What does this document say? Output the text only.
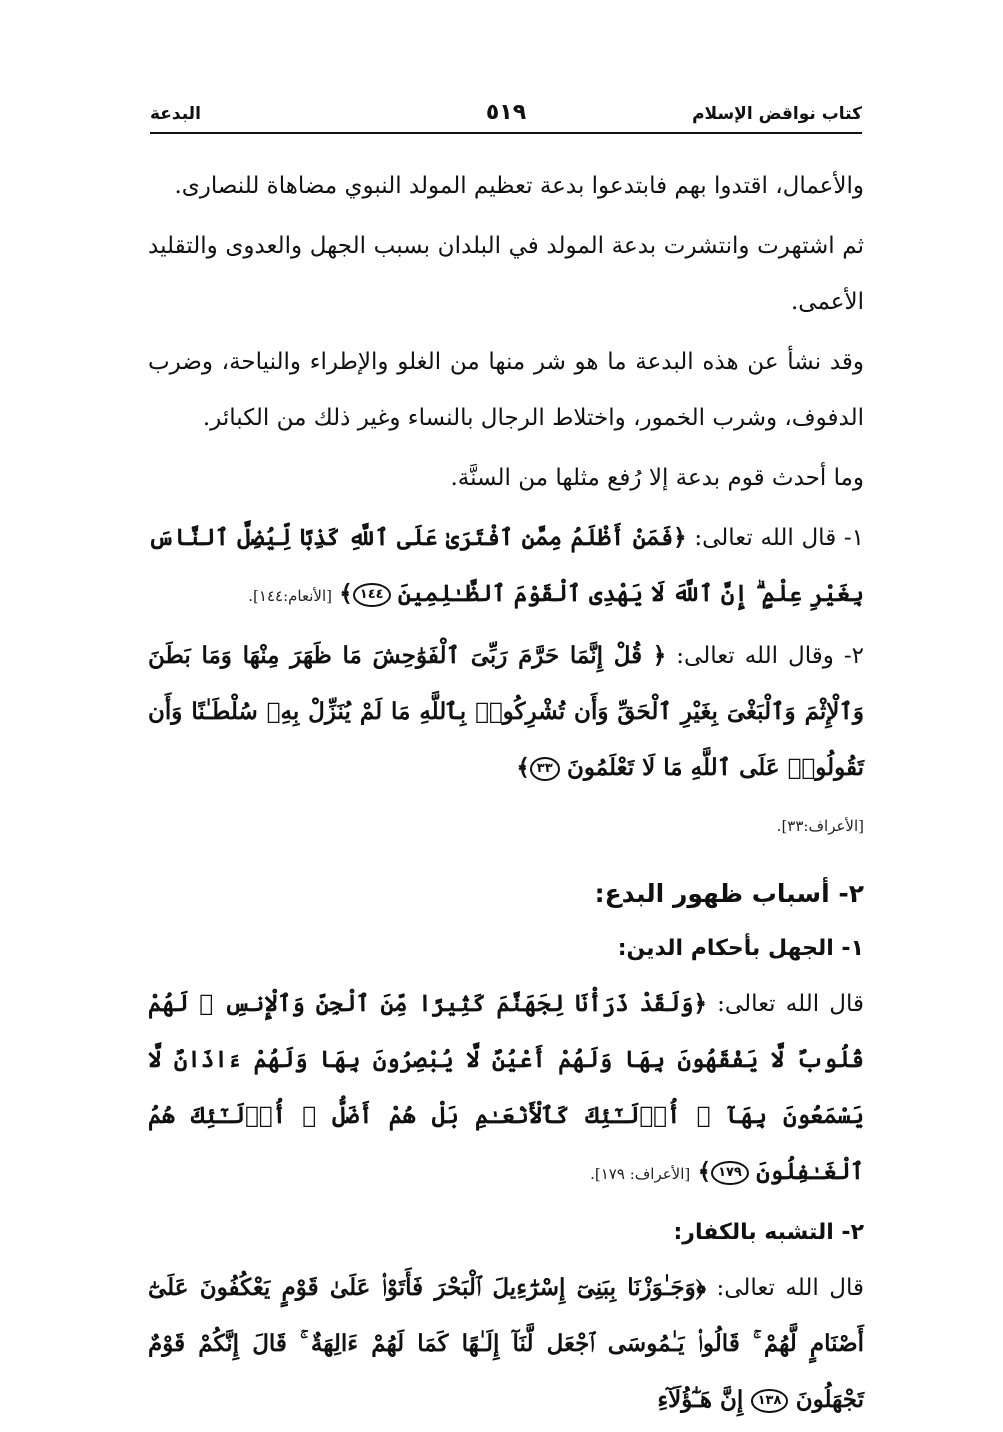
كتاب نواقض الإسلام
٥١٩
البدعة

والأعمال، اقتدوا بهم فابتدعوا بدعة تعظيم المولد النبوي مضاهاة للنصارى.

ثم اشتهرت وانتشرت بدعة المولد في البلدان بسبب الجهل والعدوى والتقليد الأعمى.

وقد نشأ عن هذه البدعة ما هو شر منها من الغلو والإطراء والنياحة، وضرب الدفوف، وشرب الخمور، واختلاط الرجال بالنساء وغير ذلك من الكبائر.

وما أحدث قوم بدعة إلا رُفع مثلها من السنَّة.

١- قال الله تعالى: ﴿فَمَنْ أَظْلَمُ مِمَّنِ ٱفْتَرَىٰ عَلَى ٱللَّهِ كَذِبًا لِّيُضِلَّ ٱلنَّاسَ بِغَيْرِ عِلْمٍ ۗ إِنَّ ٱللَّهَ لَا يَهْدِى ٱلْقَوْمَ ٱلظَّـٰلِمِينَ ١٤٤﴾ [الأنعام:١٤٤].

٢- وقال الله تعالى: ﴿ قُلْ إِنَّمَا حَرَّمَ رَبِّىَ ٱلْفَوَٰحِشَ مَا ظَهَرَ مِنْهَا وَمَا بَطَنَ وَٱلْإِثْمَ وَٱلْبَغْىَ بِغَيْرِ ٱلْحَقِّ وَأَن تُشْرِكُوا۟ بِٱللَّهِ مَا لَمْ يُنَزِّلْ بِهِۦ سُلْطَـٰنًا وَأَن تَقُولُوا۟ عَلَى ٱللَّهِ مَا لَا تَعْلَمُونَ ٣٣﴾

[الأعراف:٣٣].

٢- أسباب ظهور البدع:
١- الجهل بأحكام الدين:

قال الله تعالى: ﴿وَلَقَدْ ذَرَأْنَا لِجَهَنَّمَ كَثِيرًا مِّنَ ٱلْجِنِّ وَٱلْإِنسِ ۖ لَهُمْ قُلُوبٌ لَّا يَفْقَهُونَ بِهَا وَلَهُمْ أَعْيُنٌ لَّا يُبْصِرُونَ بِهَا وَلَهُمْ ءَاذَانٌ لَّا يَسْمَعُونَ بِهَآ ۚ أُو۟لَـٰٓئِكَ كَٱلْأَنْعَـٰمِ بَلْ هُمْ أَضَلُّ ۚ أُو۟لَـٰٓئِكَ هُمُ ٱلْغَـٰفِلُونَ ١٧٩﴾ [الأعراف: ١٧٩].

٢- التشبه بالكفار:

قال الله تعالى: ﴿وَجَـٰوَزْنَا بِبَنِىٓ إِسْرَٰٓءِيلَ ٱلْبَحْرَ فَأَتَوْا۟ عَلَىٰ قَوْمٍ يَعْكُفُونَ عَلَىٰٓ أَصْنَامٍ لَّهُمْ ۚ قَالُوا۟ يَـٰمُوسَى ٱجْعَل لَّنَآ إِلَـٰهًا كَمَا لَهُمْ ءَالِهَةٌ ۚ قَالَ إِنَّكُمْ قَوْمٌ تَجْهَلُونَ ١٣٨ إِنَّ هَـٰٓؤُلَآءِ
